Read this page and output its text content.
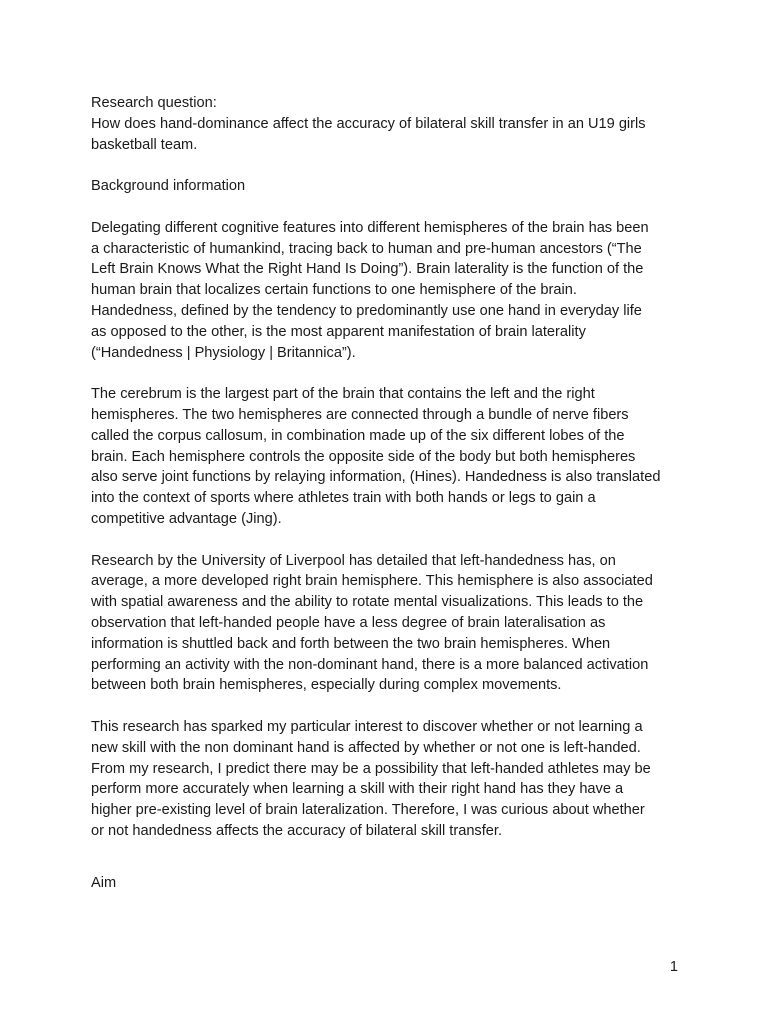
Research question:
How does hand-dominance affect the accuracy of bilateral skill transfer in an U19 girls
basketball team.
Background information
Delegating different cognitive features into different hemispheres of the brain has been
a characteristic of humankind, tracing back to human and pre-human ancestors (“The
Left Brain Knows What the Right Hand Is Doing”). Brain laterality is the function of the
human brain that localizes certain functions to one hemisphere of the brain.
Handedness, defined by the tendency to predominantly use one hand in everyday life
as opposed to the other, is the most apparent manifestation of brain laterality
(“Handedness | Physiology | Britannica”).
The cerebrum is the largest part of the brain that contains the left and the right
hemispheres. The two hemispheres are connected through a bundle of nerve fibers
called the corpus callosum, in combination made up of the six different lobes of the
brain. Each hemisphere controls the opposite side of the body but both hemispheres
also serve joint functions by relaying information, (Hines). Handedness is also translated
into the context of sports where athletes train with both hands or legs to gain a
competitive advantage (Jing).
Research by the University of Liverpool has detailed that left-handedness has, on
average, a more developed right brain hemisphere. This hemisphere is also associated
with spatial awareness and the ability to rotate mental visualizations. This leads to the
observation that left-handed people have a less degree of brain lateralisation as
information is shuttled back and forth between the two brain hemispheres. When
performing an activity with the non-dominant hand, there is a more balanced activation
between both brain hemispheres, especially during complex movements.
This research has sparked my particular interest to discover whether or not learning a
new skill with the non dominant hand is affected by whether or not one is left-handed.
From my research, I predict there may be a possibility that left-handed athletes may be
perform more accurately when learning a skill with their right hand has they have a
higher pre-existing level of brain lateralization. Therefore, I was curious about whether
or not handedness affects the accuracy of bilateral skill transfer.
Aim
1
